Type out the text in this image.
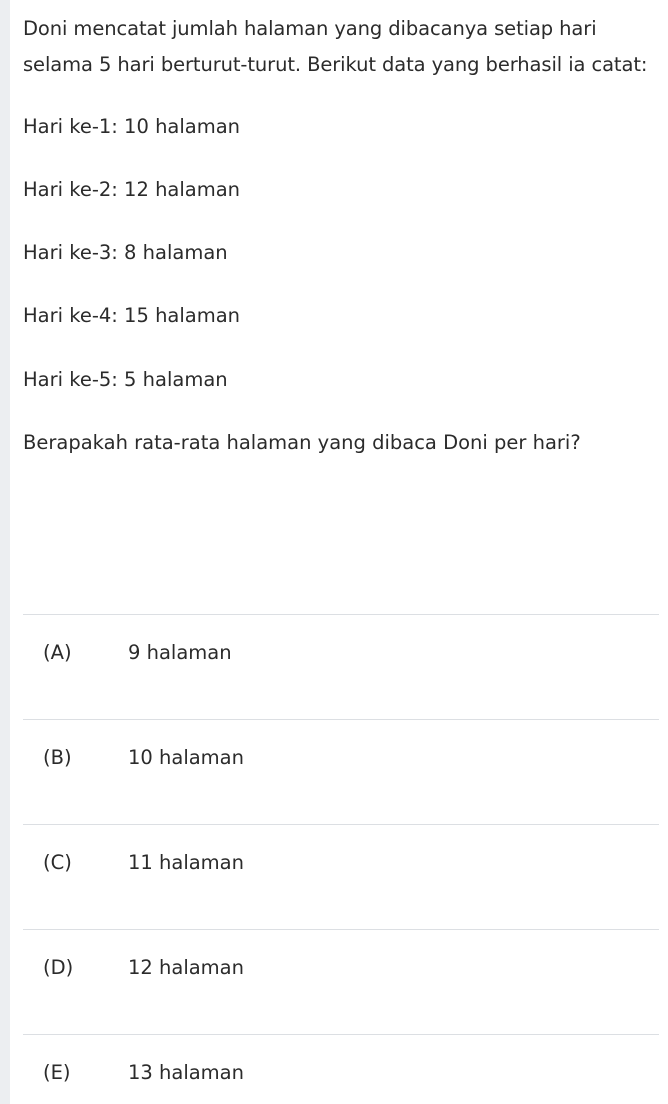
Doni mencatat jumlah halaman yang dibacanya setiap hari
selama 5 hari berturut-turut. Berikut data yang berhasil ia catat:

Hari ke-1: 10 halaman

Hari ke-2: 12 halaman

Hari ke-3: 8 halaman

Hari ke-4: 15 halaman

Hari ke-5: 5 halaman

Berapakah rata-rata halaman yang dibaca Doni per hari?

(A)	9 halaman
(B)	10 halaman
(C)	11 halaman
(D)	12 halaman
(E)	13 halaman
